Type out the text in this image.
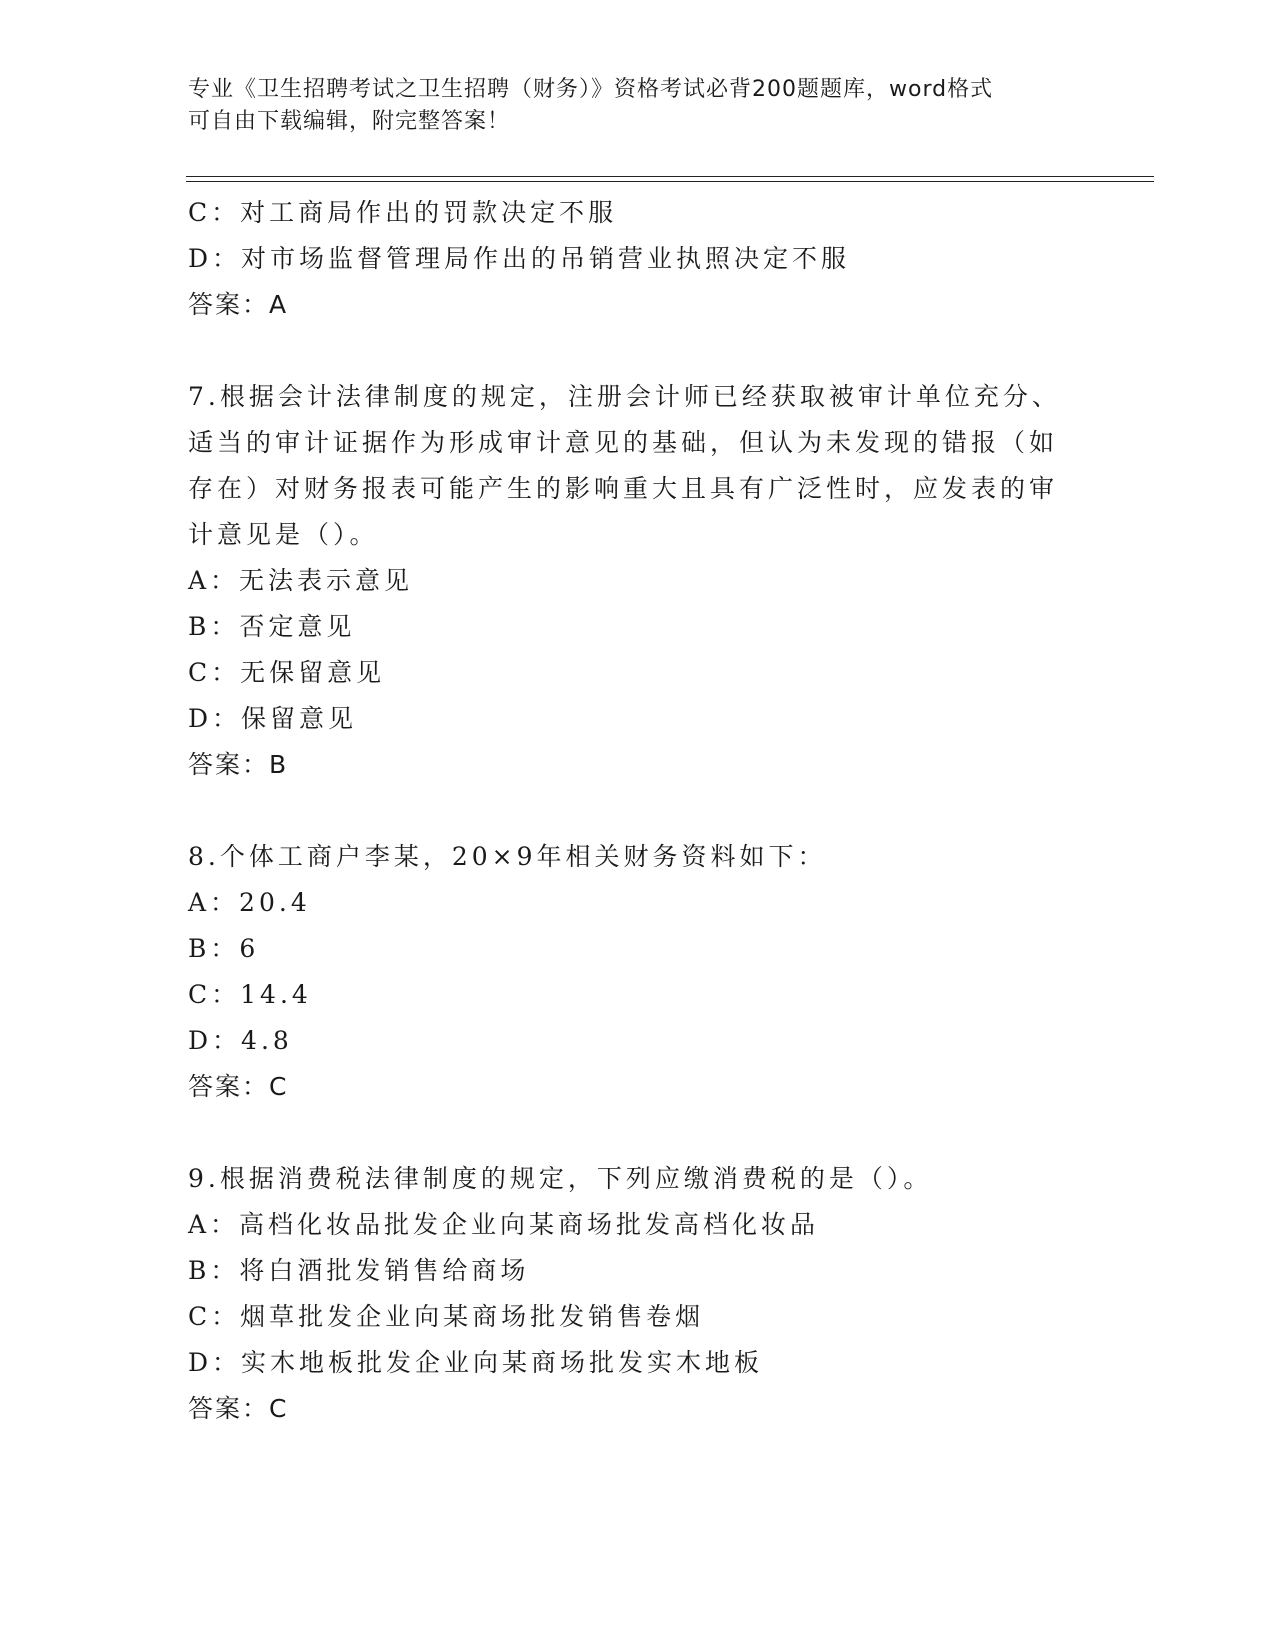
专业《卫生招聘考试之卫生招聘（财务）》资格考试必背200题题库，word格式
可自由下载编辑，附完整答案！
C：对工商局作出的罚款决定不服
D：对市场监督管理局作出的吊销营业执照决定不服
答案：A
7.根据会计法律制度的规定，注册会计师已经获取被审计单位充分、
适当的审计证据作为形成审计意见的基础，但认为未发现的错报（如
存在）对财务报表可能产生的影响重大且具有广泛性时，应发表的审
计意见是（）。
A：无法表示意见
B：否定意见
C：无保留意见
D：保留意见
答案：B
8.个体工商户李某，20×9年相关财务资料如下：
A：20.4
B：6
C：14.4
D：4.8
答案：C
9.根据消费税法律制度的规定，下列应缴消费税的是（）。
A：高档化妆品批发企业向某商场批发高档化妆品
B：将白酒批发销售给商场
C：烟草批发企业向某商场批发销售卷烟
D：实木地板批发企业向某商场批发实木地板
答案：C
